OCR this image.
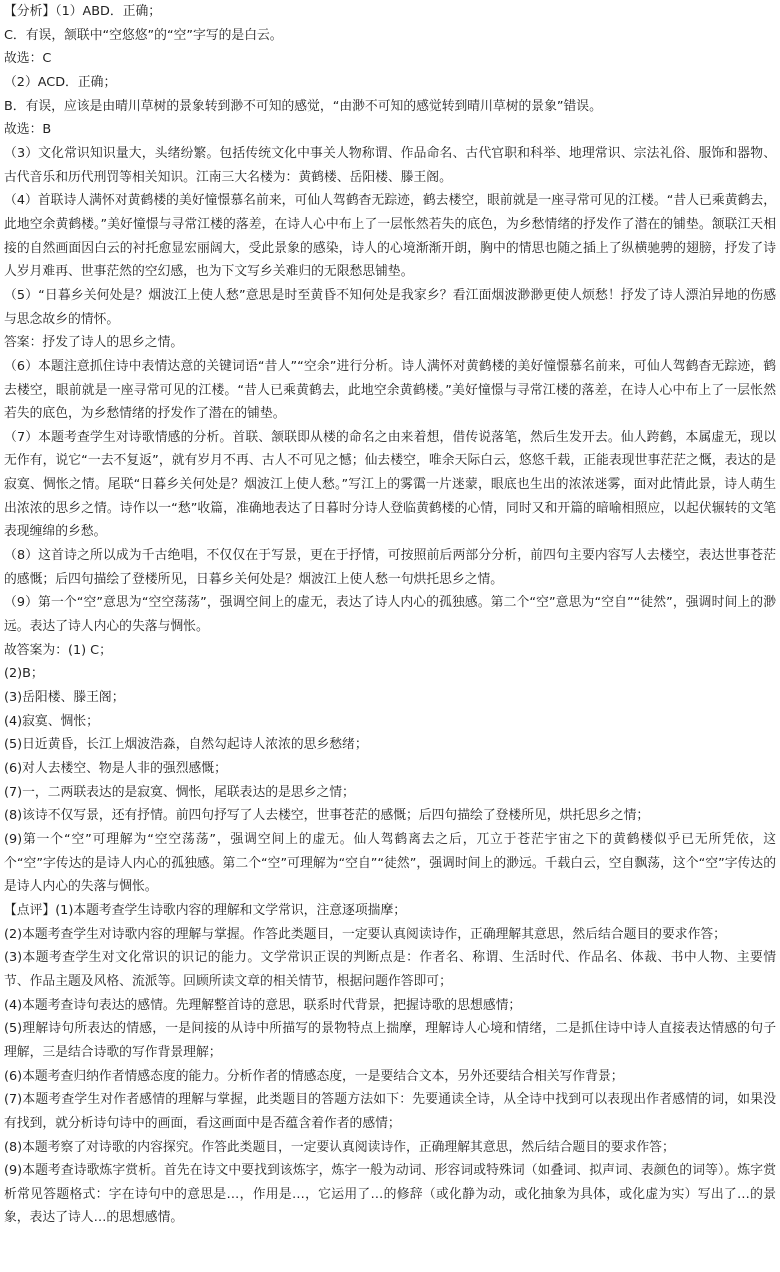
【分析】（1）ABD．正确；

C．有误，颔联中“空悠悠”的“空”字写的是白云。

故选：C

（2）ACD．正确；

B．有误，应该是由晴川草树的景象转到渺不可知的感觉，“由渺不可知的感觉转到晴川草树的景象”错误。

故选：B

（3）文化常识知识量大，头绪纷繁。包括传统文化中事关人物称谓、作品命名、古代官职和科举、地理常识、宗法礼俗、服饰和器物、古代音乐和历代刑罚等相关知识。江南三大名楼为：黄鹤楼、岳阳楼、滕王阁。

（4）首联诗人满怀对黄鹤楼的美好憧憬慕名前来，可仙人驾鹤杳无踪迹，鹤去楼空，眼前就是一座寻常可见的江楼。“昔人已乘黄鹤去，此地空余黄鹤楼。”美好憧憬与寻常江楼的落差，在诗人心中布上了一层怅然若失的底色，为乡愁情绪的抒发作了潜在的铺垫。颔联江天相接的自然画面因白云的衬托愈显宏丽阔大，受此景象的感染，诗人的心境渐渐开朗，胸中的情思也随之插上了纵横驰骋的翅膀，抒发了诗人岁月难再、世事茫然的空幻感，也为下文写乡关难归的无限愁思铺垫。

（5）“日暮乡关何处是？烟波江上使人愁”意思是时至黄昏不知何处是我家乡？看江面烟波渺渺更使人烦愁！抒发了诗人漂泊异地的伤感与思念故乡的情怀。

答案：抒发了诗人的思乡之情。

（6）本题注意抓住诗中表情达意的关键词语“昔人”“空余”进行分析。诗人满怀对黄鹤楼的美好憧憬慕名前来，可仙人驾鹤杳无踪迹，鹤去楼空，眼前就是一座寻常可见的江楼。“昔人已乘黄鹤去，此地空余黄鹤楼。”美好憧憬与寻常江楼的落差，在诗人心中布上了一层怅然若失的底色，为乡愁情绪的抒发作了潜在的铺垫。

（7）本题考查学生对诗歌情感的分析。首联、颔联即从楼的命名之由来着想，借传说落笔，然后生发开去。仙人跨鹤，本属虚无，现以无作有，说它“一去不复返”，就有岁月不再、古人不可见之憾；仙去楼空，唯余天际白云，悠悠千载，正能表现世事茫茫之慨，表达的是寂寞、惆怅之情。尾联“日暮乡关何处是？烟波江上使人愁。”写江上的雾霭一片迷蒙，眼底也生出的浓浓迷雾，面对此情此景，诗人萌生出浓浓的思乡之情。诗作以一“愁”收篇，准确地表达了日暮时分诗人登临黄鹤楼的心情，同时又和开篇的暗喻相照应，以起伏辗转的文笔表现缠绵的乡愁。

（8）这首诗之所以成为千古绝唱，不仅仅在于写景，更在于抒情，可按照前后两部分分析，前四句主要内容写人去楼空，表达世事苍茫的感慨；后四句描绘了登楼所见，日暮乡关何处是？烟波江上使人愁一句烘托思乡之情。

（9）第一个“空”意思为“空空荡荡”，强调空间上的虚无，表达了诗人内心的孤独感。第二个“空”意思为“空自”“徒然”，强调时间上的渺远。表达了诗人内心的失落与惆怅。

故答案为：(1) C；

(2)B；

(3)岳阳楼、滕王阁；

(4)寂寞、惆怅；

(5)日近黄昏，长江上烟波浩淼，自然勾起诗人浓浓的思乡愁绪；

(6)对人去楼空、物是人非的强烈感慨；

(7)一，二两联表达的是寂寞、惆怅，尾联表达的是思乡之情；

(8)该诗不仅写景，还有抒情。前四句抒写了人去楼空，世事苍茫的感慨；后四句描绘了登楼所见，烘托思乡之情；

(9)第一个“空”可理解为“空空荡荡”，强调空间上的虚无。仙人驾鹤离去之后，兀立于苍茫宇宙之下的黄鹤楼似乎已无所凭依，这个“空”字传达的是诗人内心的孤独感。第二个“空”可理解为“空自”“徒然”，强调时间上的渺远。千载白云，空自飘荡，这个“空”字传达的是诗人内心的失落与惆怅。

【点评】(1)本题考查学生诗歌内容的理解和文学常识，注意逐项揣摩；

(2)本题考查学生对诗歌内容的理解与掌握。作答此类题目，一定要认真阅读诗作，正确理解其意思，然后结合题目的要求作答；

(3)本题考查学生对文化常识的识记的能力。文学常识正误的判断点是：作者名、称谓、生活时代、作品名、体裁、书中人物、主要情节、作品主题及风格、流派等。回顾所读文章的相关情节，根据问题作答即可；

(4)本题考查诗句表达的感情。先理解整首诗的意思，联系时代背景，把握诗歌的思想感情；

(5)理解诗句所表达的情感，一是间接的从诗中所描写的景物特点上揣摩，理解诗人心境和情绪，二是抓住诗中诗人直接表达情感的句子理解，三是结合诗歌的写作背景理解；

(6)本题考查归纳作者情感态度的能力。分析作者的情感态度，一是要结合文本，另外还要结合相关写作背景；

(7)本题考查学生对作者感情的理解与掌握，此类题目的答题方法如下：先要通读全诗，从全诗中找到可以表现出作者感情的词，如果没有找到，就分析诗句诗中的画面，看这画面中是否蕴含着作者的感情；

(8)本题考察了对诗歌的内容探究。作答此类题目，一定要认真阅读诗作，正确理解其意思，然后结合题目的要求作答；

(9)本题考查诗歌炼字赏析。首先在诗文中要找到该炼字，炼字一般为动词、形容词或特殊词（如叠词、拟声词、表颜色的词等）。炼字赏析常见答题格式：字在诗句中的意思是…，作用是…，它运用了…的修辞（或化静为动，或化抽象为具体，或化虚为实）写出了…的景象，表达了诗人…的思想感情。
